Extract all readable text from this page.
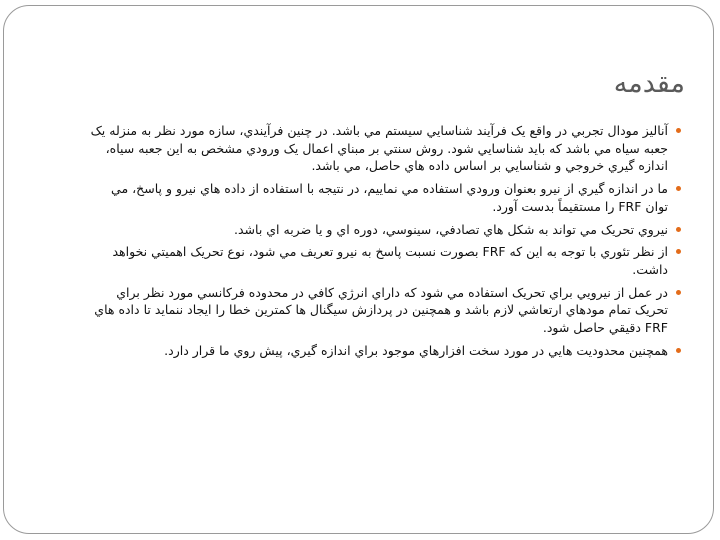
مقدمه
آناليز مودال تجربي در واقع يک فرآيند شناسايي سيستم مي باشد. در چنين فرآيندي، سازه مورد نظر به منزله يک جعبه سياه مي باشد که بايد شناسايي شود. روش سنتي بر مبناي اعمال يک ورودي مشخص به اين جعبه سياه، اندازه گيري خروجي و شناسايي بر اساس داده هاي حاصل، مي باشد.
ما در اندازه گيري از نيرو بعنوان ورودي استفاده مي نماييم، در نتيجه با استفاده از داده هاي نيرو و پاسخ، مي توان FRF را مستقيماً بدست آورد.
نيروي تحريک مي تواند به شکل هاي تصادفي، سينوسي، دوره اي و يا ضربه اي باشد.
از نظر تئوري با توجه به اين که FRF بصورت نسبت پاسخ به نيرو تعريف مي شود، نوع تحريک اهميتي نخواهد داشت.
در عمل از نيرويي براي تحريک استفاده مي شود که داراي انرژي کافي در محدوده فرکانسي مورد نظر براي تحريک تمام مودهاي ارتعاشي لازم باشد و همچنين در پردازش سيگنال ها کمترين خطا را ايجاد ننمايد تا داده هاي FRF دقيقي حاصل شود.
همچنين محدوديت هايي در مورد سخت افزارهاي موجود براي اندازه گيري، پيش روي ما قرار دارد.
